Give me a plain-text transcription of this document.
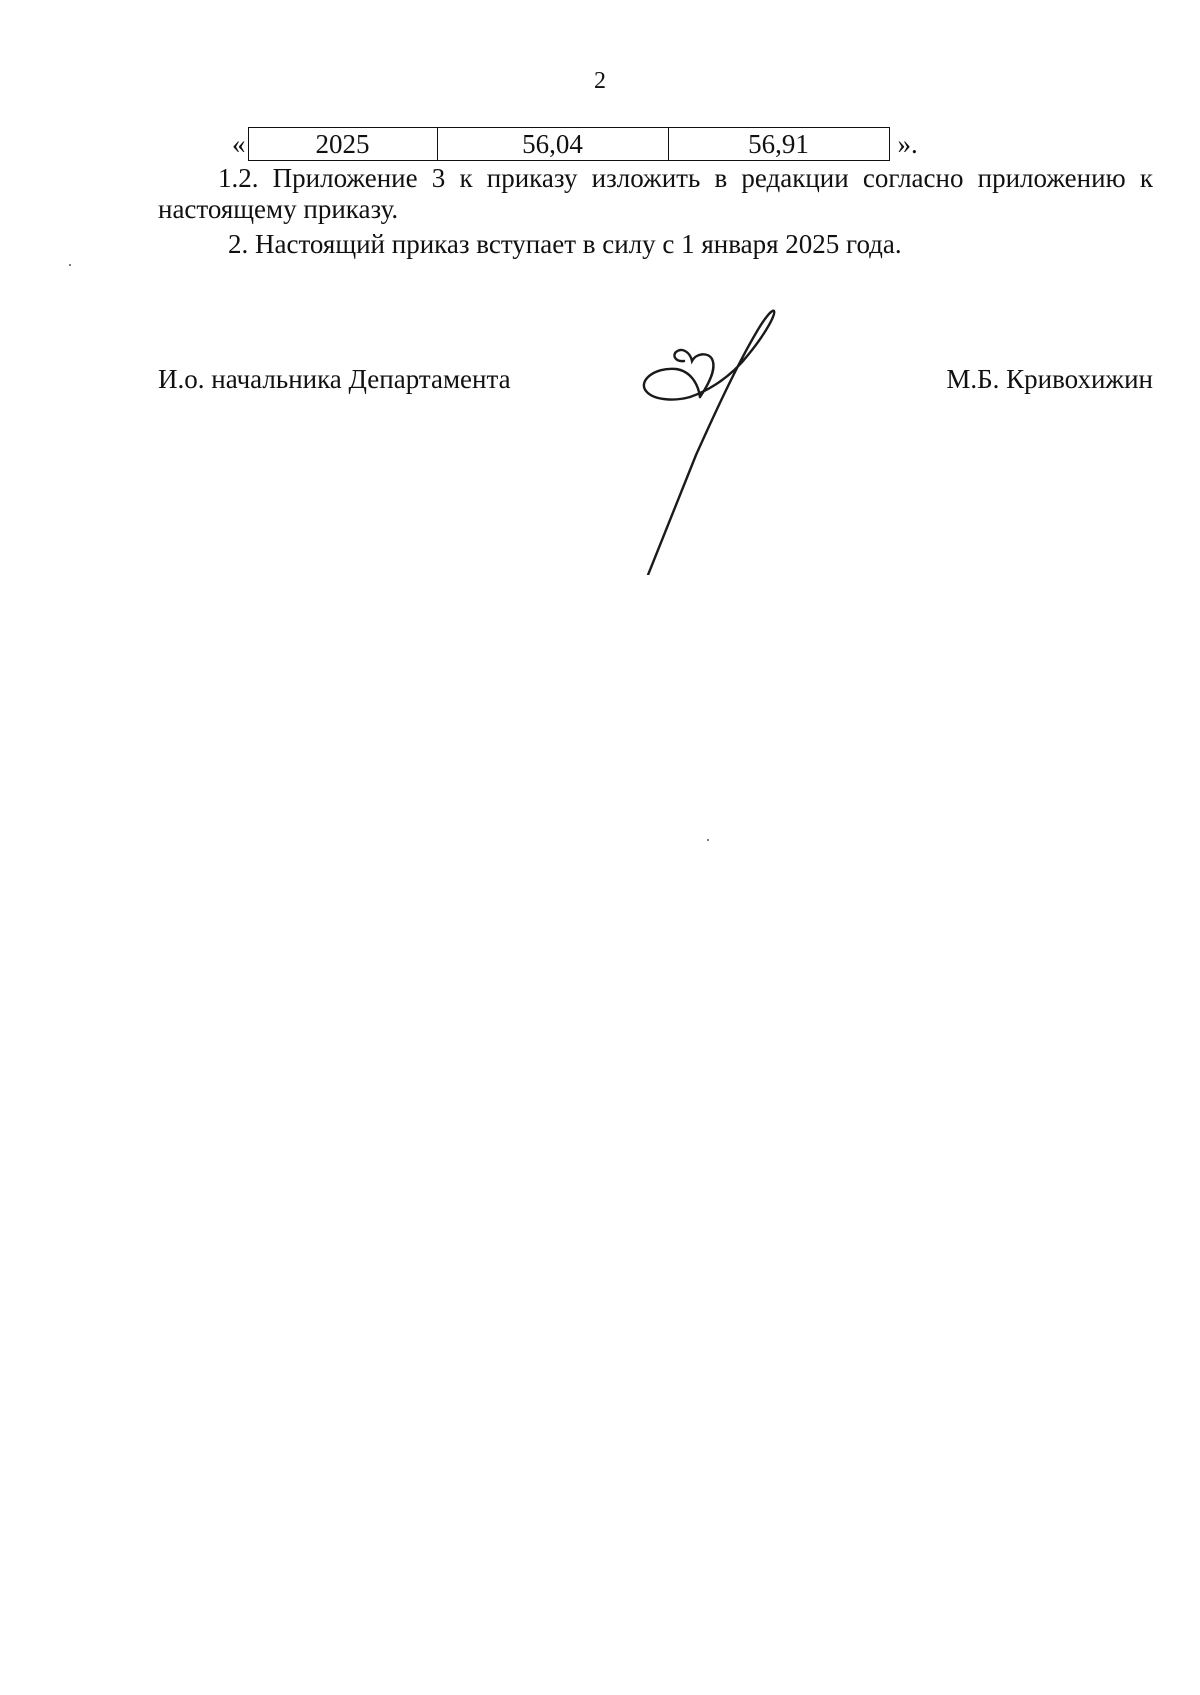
2
«	2025	56,04	56,91	».

1.2. Приложение 3 к приказу изложить в редакции согласно приложению к настоящему приказу.

2. Настоящий приказ вступает в силу с 1 января 2025 года.

И.о. начальника Департамента	М.Б. Кривохижин
